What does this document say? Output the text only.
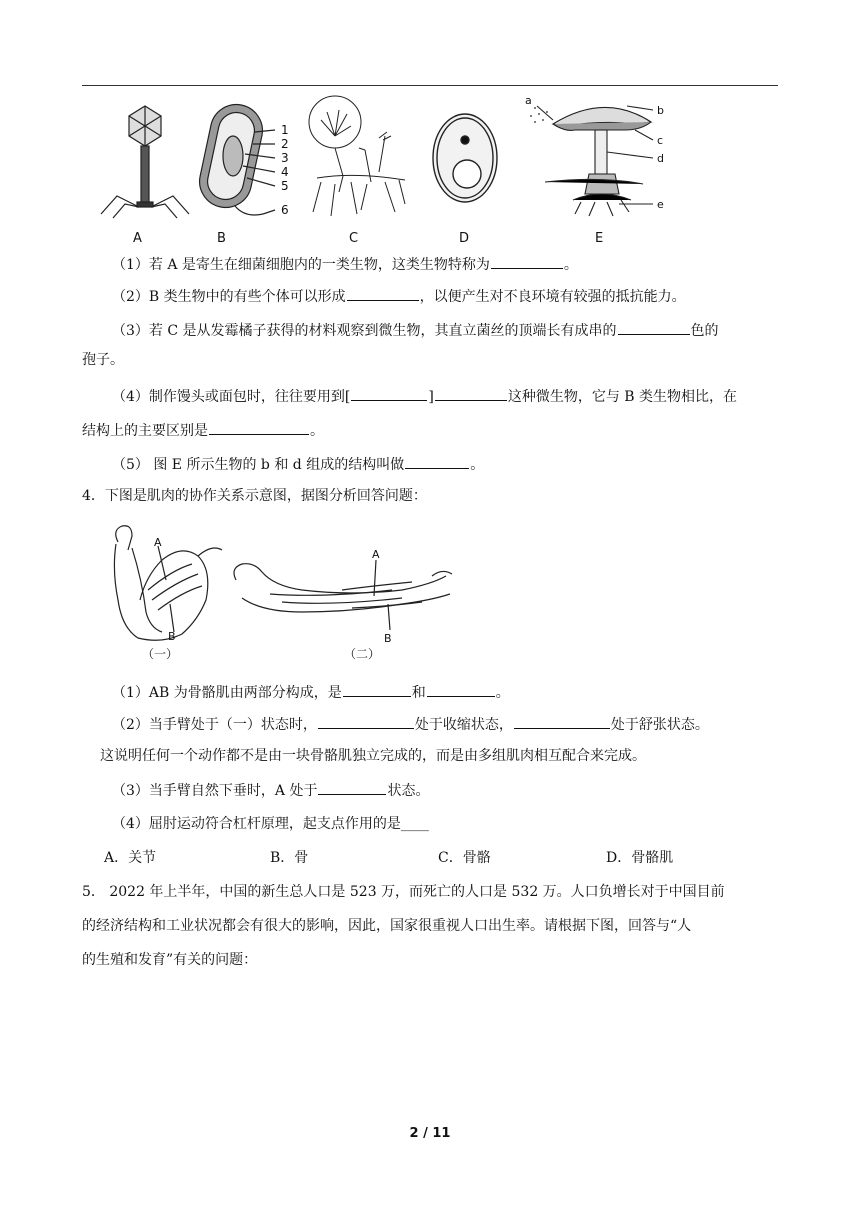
1
2
3
4
5
6
a
b
c
d
e
A	B	C	D	E
（1）若 A 是寄生在细菌细胞内的一类生物，这类生物特称为	。
（2）B 类生物中的有些个体可以形成	，以便产生对不良环境有较强的抵抗能力。
（3）若 C 是从发霉橘子获得的材料观察到微生物，其直立菌丝的顶端长有成串的	色的
孢子。
（4）制作馒头或面包时，往往要用到[	]	这种微生物，它与 B 类生物相比，在
结构上的主要区别是	。
（5） 图 E 所示生物的 b 和 d 组成的结构叫做	。
4．下图是肌肉的协作关系示意图，据图分析回答问题：
A
B
（一）
A
B
（二）
（1）AB 为骨骼肌由两部分构成，是	和	。
（2）当手臂处于（一）状态时，	处于收缩状态，	处于舒张状态。
这说明任何一个动作都不是由一块骨骼肌独立完成的，而是由多组肌肉相互配合来完成。
（3）当手臂自然下垂时，A 处于	状态。
（4）屈肘运动符合杠杆原理，起支点作用的是____
A．关节	B．骨	C．骨骼	D．骨骼肌
5． 2022 年上半年，中国的新生总人口是 523 万，而死亡的人口是 532 万。人口负增长对于中国目前
的经济结构和工业状况都会有很大的影响，因此，国家很重视人口出生率。请根据下图，回答与“人
的生殖和发育”有关的问题：
2 / 11
